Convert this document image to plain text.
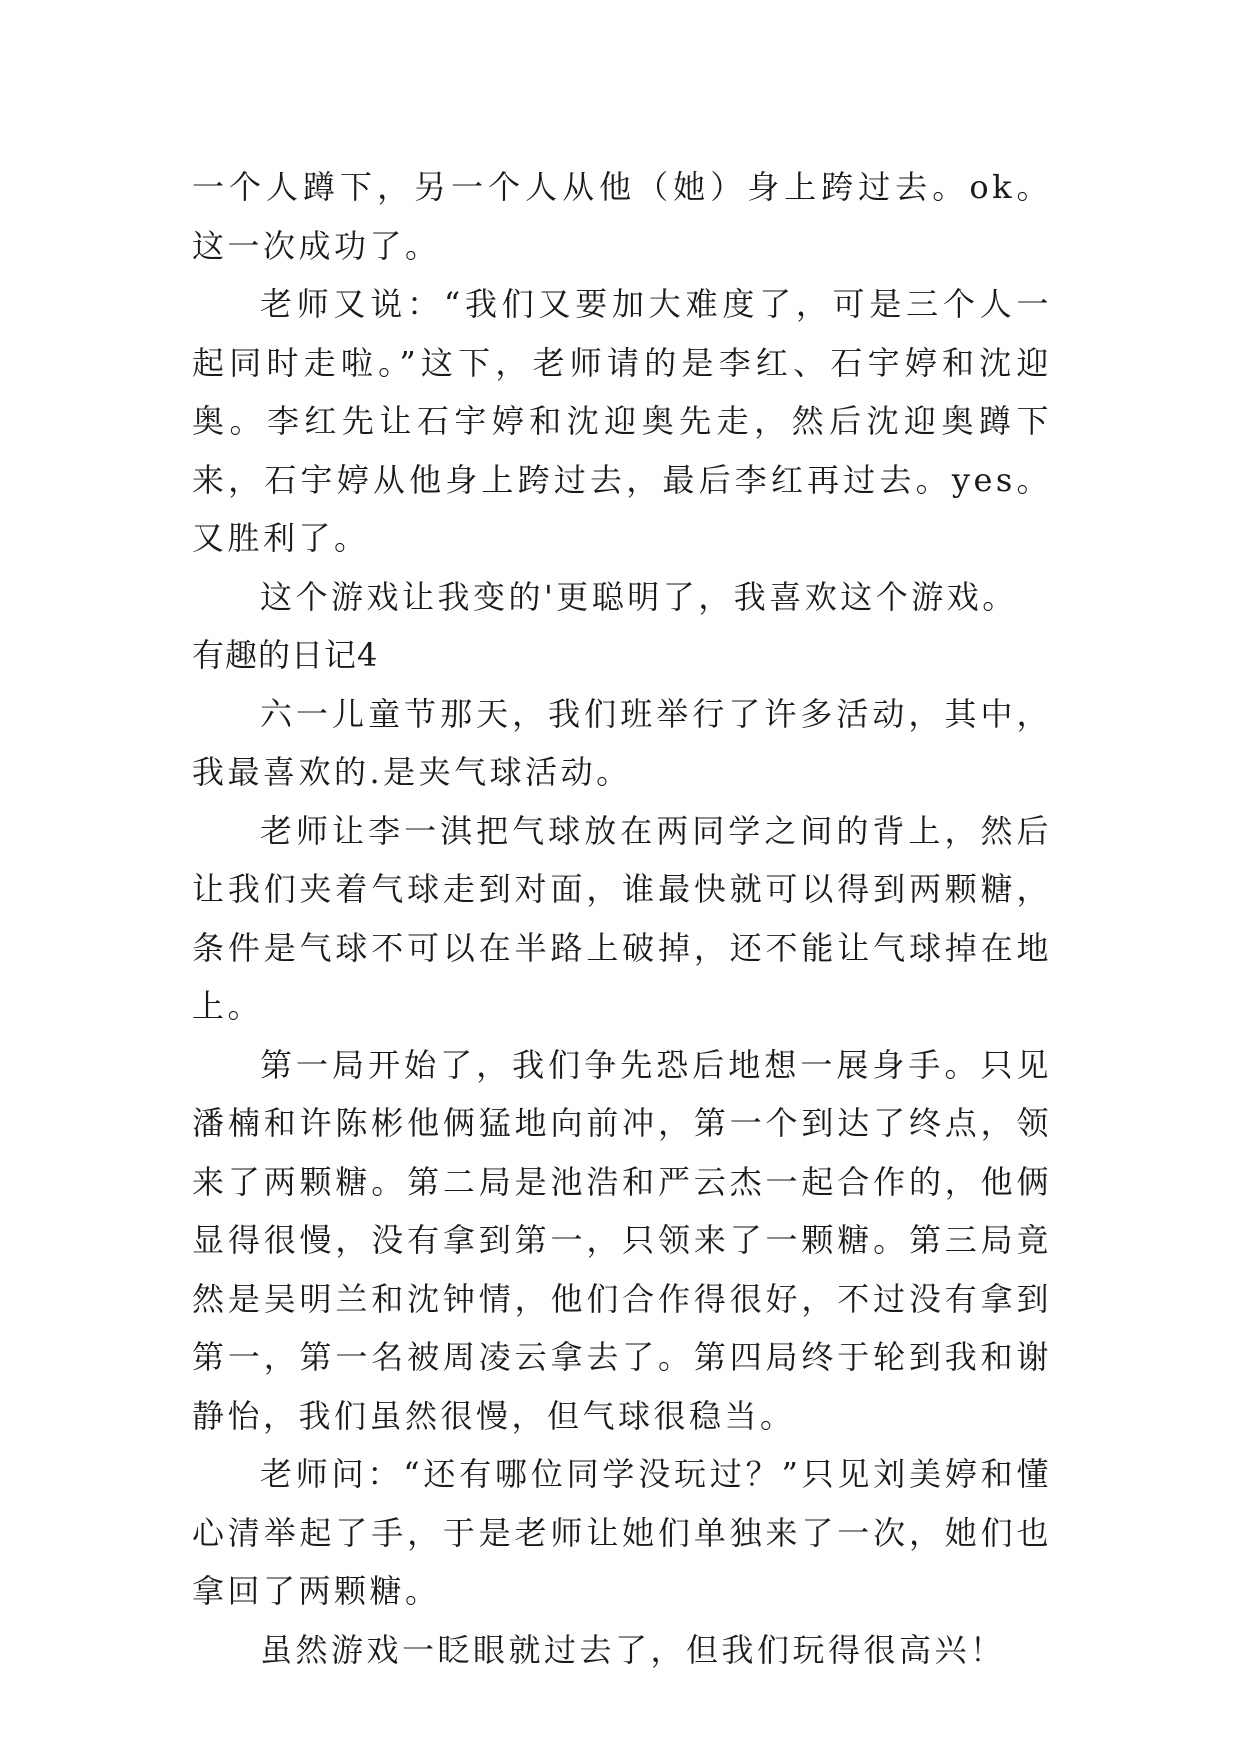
一个人蹲下，另一个人从他（她）身上跨过去。ok。这一次成功了。

老师又说：“我们又要加大难度了，可是三个人一起同时走啦。”这下，老师请的是李红、石宇婷和沈迎奥。李红先让石宇婷和沈迎奥先走，然后沈迎奥蹲下来，石宇婷从他身上跨过去，最后李红再过去。yes。又胜利了。

这个游戏让我变的'更聪明了，我喜欢这个游戏。

有趣的日记4

六一儿童节那天，我们班举行了许多活动，其中，我最喜欢的.是夹气球活动。

老师让李一淇把气球放在两同学之间的背上，然后让我们夹着气球走到对面，谁最快就可以得到两颗糖，条件是气球不可以在半路上破掉，还不能让气球掉在地上。

第一局开始了，我们争先恐后地想一展身手。只见潘楠和许陈彬他俩猛地向前冲，第一个到达了终点，领来了两颗糖。第二局是池浩和严云杰一起合作的，他俩显得很慢，没有拿到第一，只领来了一颗糖。第三局竟然是吴明兰和沈钟情，他们合作得很好，不过没有拿到第一，第一名被周凌云拿去了。第四局终于轮到我和谢静怡，我们虽然很慢，但气球很稳当。

老师问：“还有哪位同学没玩过？”只见刘美婷和懂心清举起了手，于是老师让她们单独来了一次，她们也拿回了两颗糖。

虽然游戏一眨眼就过去了，但我们玩得很高兴！
